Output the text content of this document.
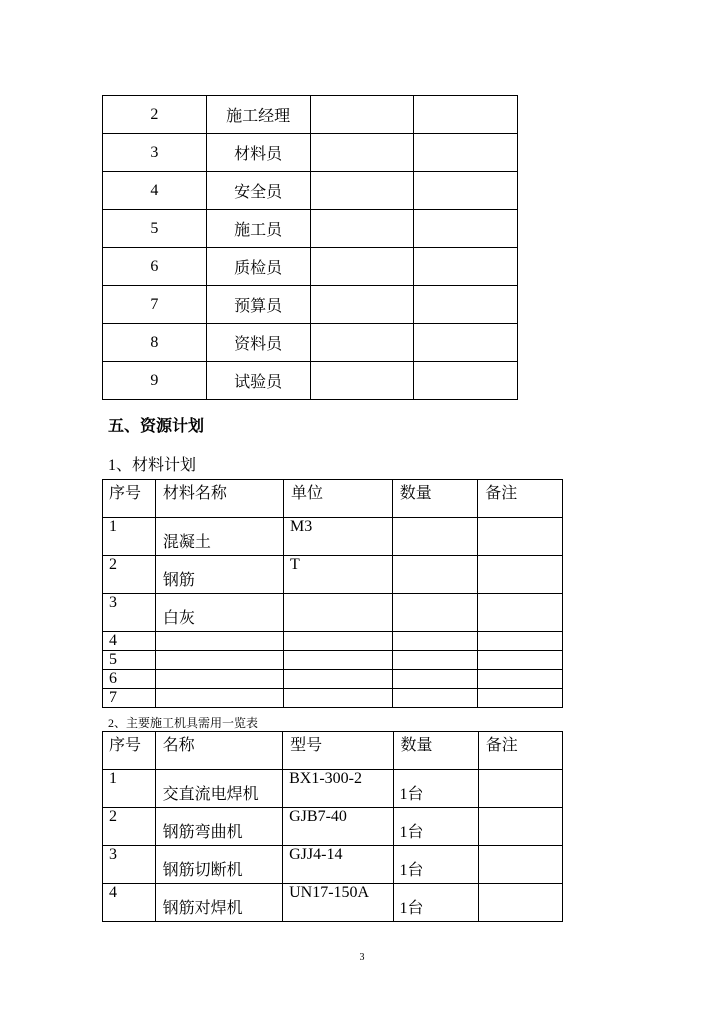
2	施工经理		
3	材料员		
4	安全员		
5	施工员		
6	质检员		
7	预算员		
8	资料员		
9	试验员		
五、资源计划
1、材料计划
序号	材料名称	单位	数量	备注

1	混凝土	M3		

2	钢筋	T		

3	白灰			

4				

5				

6				

7				

2、主要施工机具需用一览表
序号	名称	型号	数量	备注

1	交直流电焊机	BX1-300-2	1台	

2	钢筋弯曲机	GJB7-40	1台	

3	钢筋切断机	GJJ4-14	1台	

4	钢筋对焊机	UN17-150A	1台	

3
